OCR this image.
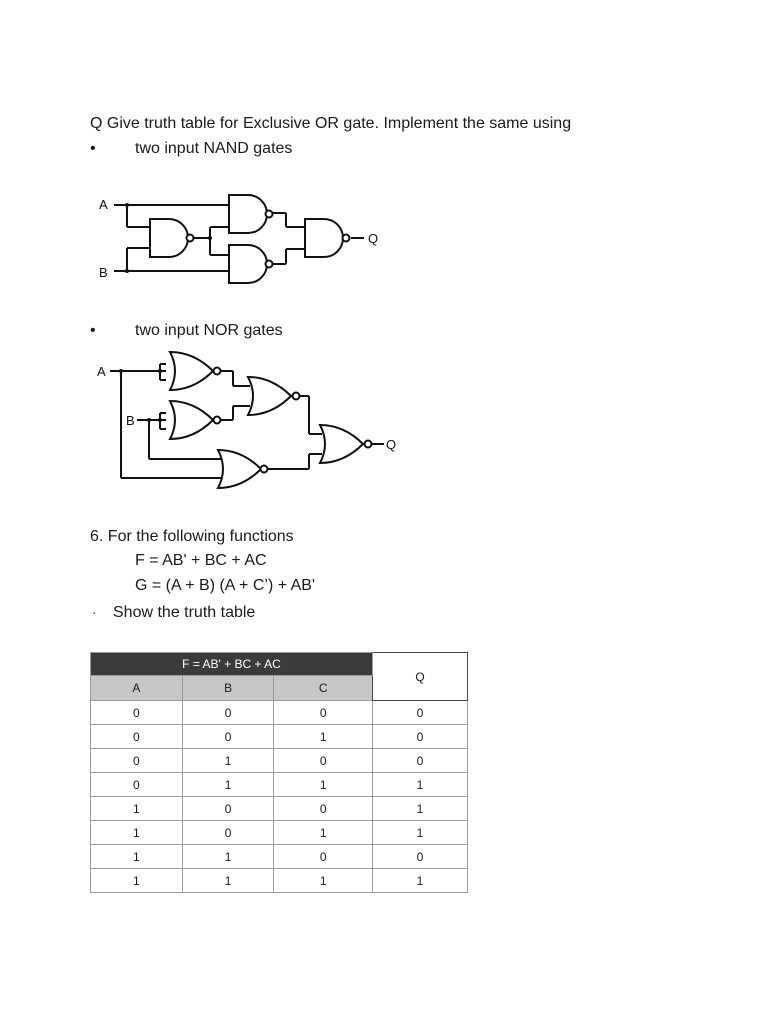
Q Give truth table for Exclusive OR gate. Implement the same using
• two input NAND gates
A
B
Q
• two input NOR gates
A
B
Q
6. For the following functions
F = AB' + BC + AC
G = (A + B) (A + C’) + AB'
· Show the truth table
F = AB' + BC + AC			Q
A	B	C	
0	0	0	0
0	0	1	0
0	1	0	0
0	1	1	1
1	0	0	1
1	0	1	1
1	1	0	0
1	1	1	1
